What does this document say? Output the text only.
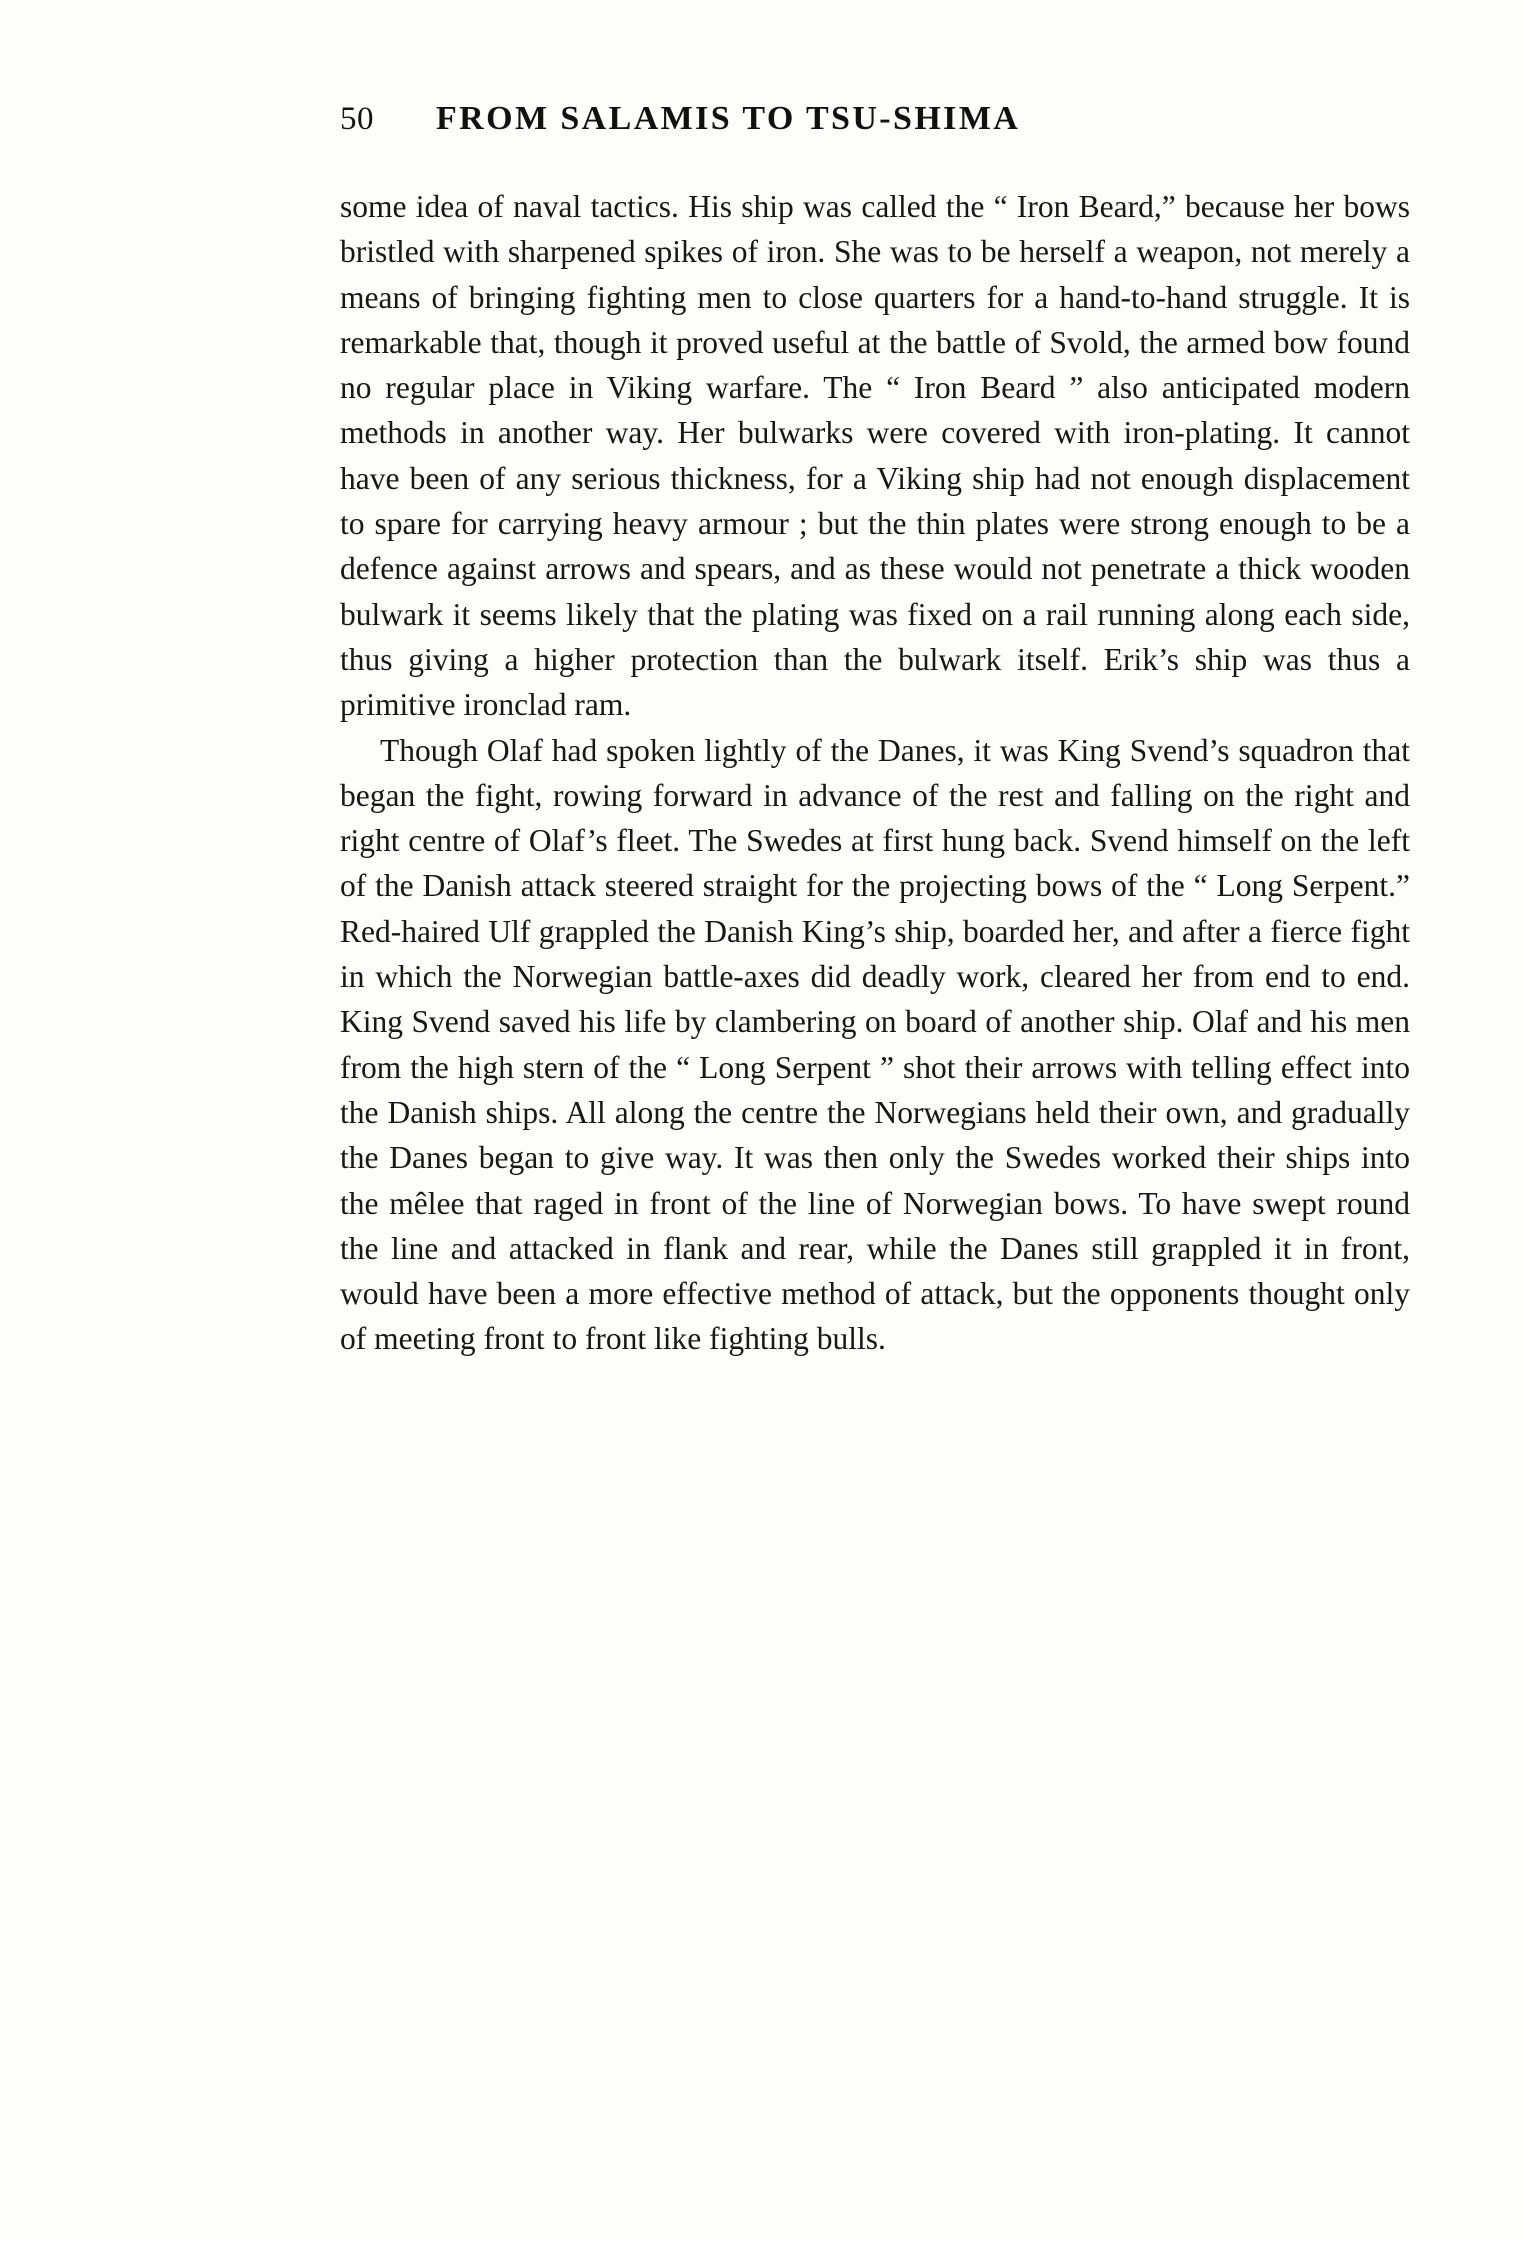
50	FROM SALAMIS TO TSU-SHIMA

some idea of naval tactics. His ship was called the “ Iron Beard,” because her bows bristled with sharpened spikes of iron. She was to be herself a weapon, not merely a means of bringing fighting men to close quarters for a hand-to-hand struggle. It is remarkable that, though it proved useful at the battle of Svold, the armed bow found no regular place in Viking warfare. The “ Iron Beard ” also anticipated modern methods in another way. Her bulwarks were covered with iron-plating. It cannot have been of any serious thickness, for a Viking ship had not enough displacement to spare for carrying heavy armour ; but the thin plates were strong enough to be a defence against arrows and spears, and as these would not penetrate a thick wooden bulwark it seems likely that the plating was fixed on a rail running along each side, thus giving a higher protection than the bulwark itself. Erik’s ship was thus a primitive ironclad ram.

Though Olaf had spoken lightly of the Danes, it was King Svend’s squadron that began the fight, rowing forward in advance of the rest and falling on the right and right centre of Olaf’s fleet. The Swedes at first hung back. Svend himself on the left of the Danish attack steered straight for the projecting bows of the “ Long Serpent.” Red-haired Ulf grappled the Danish King’s ship, boarded her, and after a fierce fight in which the Norwegian battle-axes did deadly work, cleared her from end to end. King Svend saved his life by clambering on board of another ship. Olaf and his men from the high stern of the “ Long Serpent ” shot their arrows with telling effect into the Danish ships. All along the centre the Norwegians held their own, and gradually the Danes began to give way. It was then only the Swedes worked their ships into the mêlee that raged in front of the line of Norwegian bows. To have swept round the line and attacked in flank and rear, while the Danes still grappled it in front, would have been a more effective method of attack, but the opponents thought only of meeting front to front like fighting bulls.
